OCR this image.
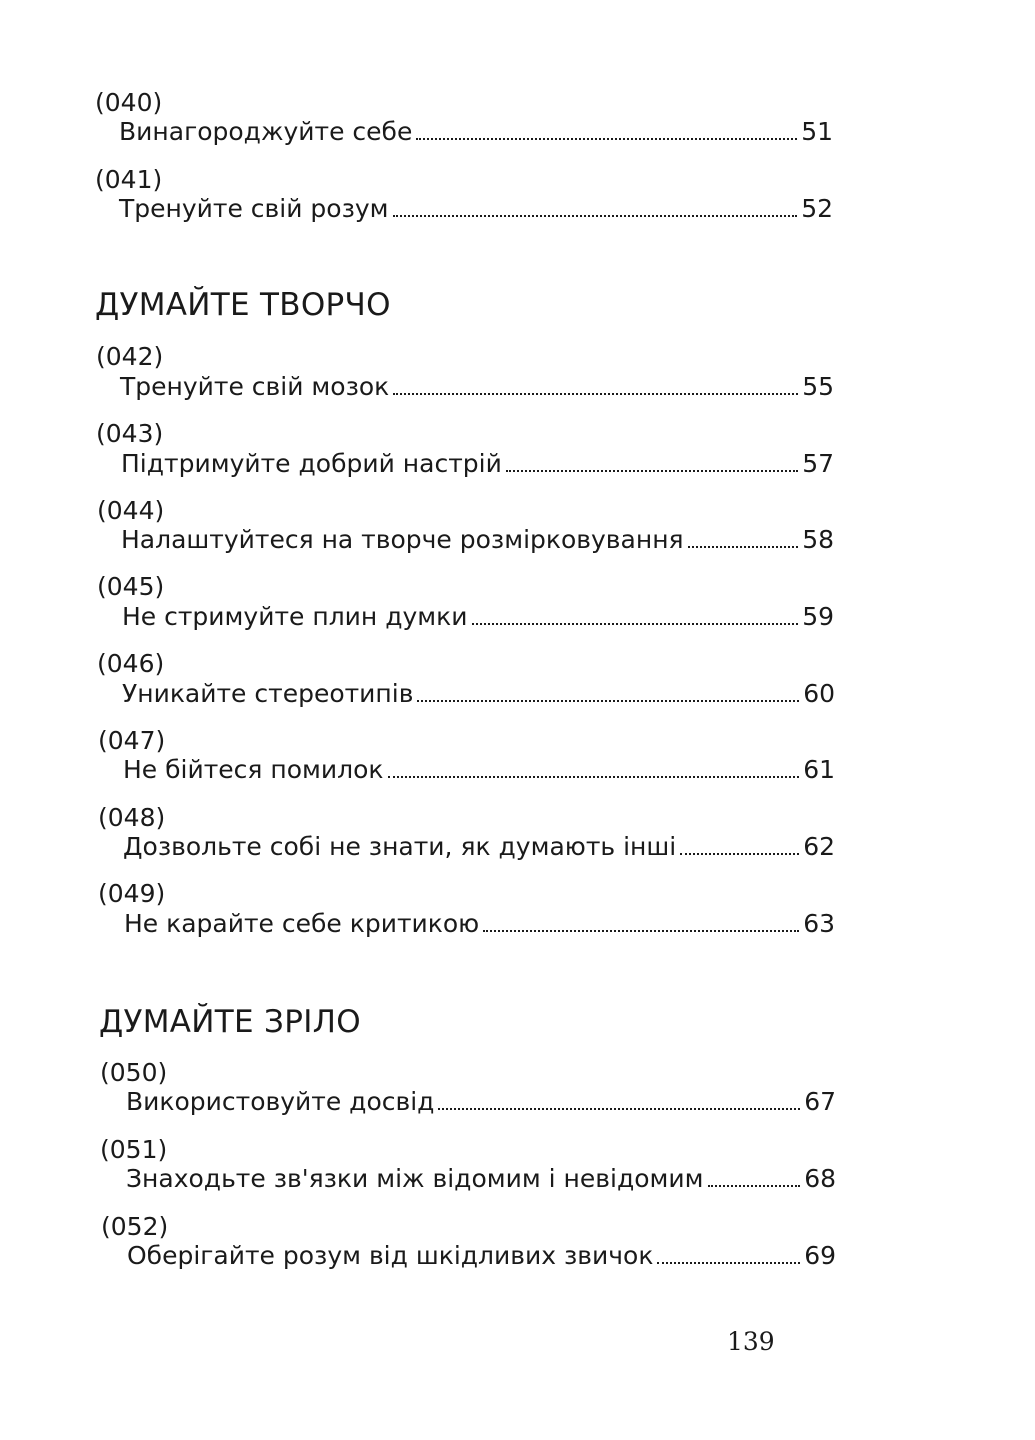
(040)
Винагороджуйте себе	51
(041)
Тренуйте свій розум	52
ДУМАЙТЕ ТВОРЧО
(042)
Тренуйте свій мозок	55
(043)
Підтримуйте добрий настрій	57
(044)
Налаштуйтеся на творче розмірковування	58
(045)
Не стримуйте плин думки	59
(046)
Уникайте стереотипів	60
(047)
Не бійтеся помилок	61
(048)
Дозвольте собі не знати, як думають інші	62
(049)
Не карайте себе критикою	63
ДУМАЙТЕ ЗРІЛО
(050)
Використовуйте досвід	67
(051)
Знаходьте зв'язки між відомим і невідомим	68
(052)
Оберігайте розум від шкідливих звичок	69
139
